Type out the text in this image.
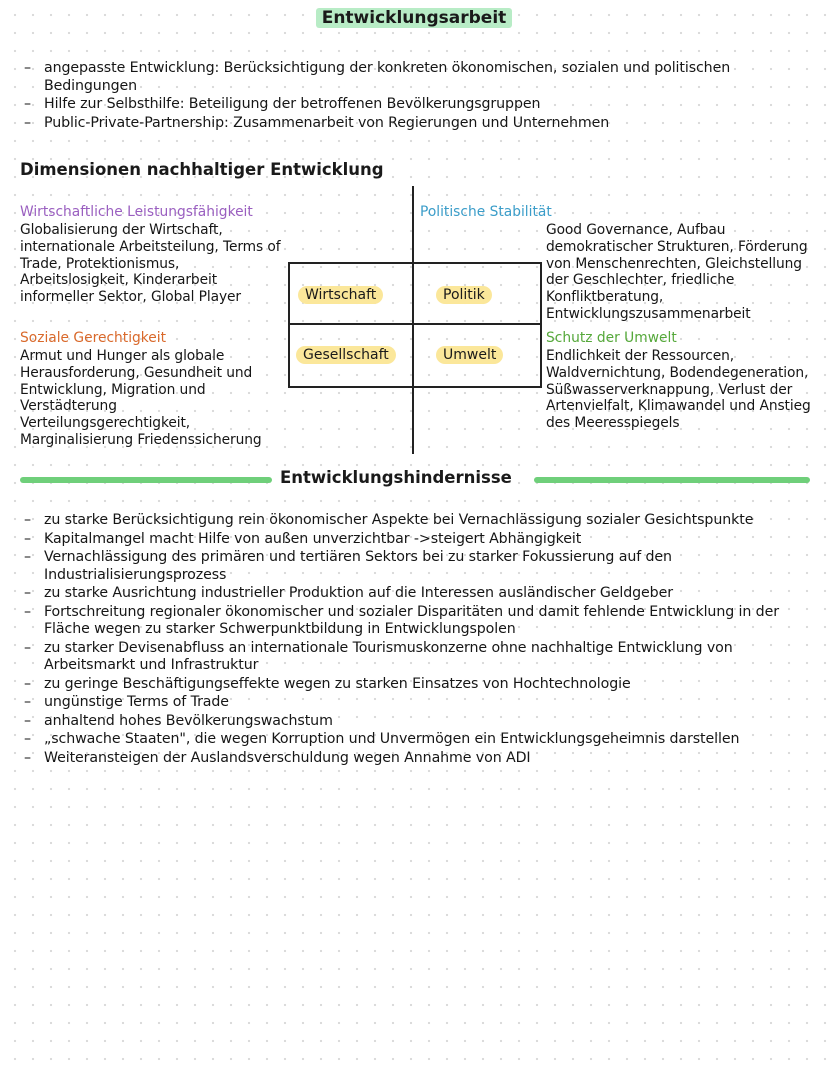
Entwicklungsarbeit
– angepasste Entwicklung: Berücksichtigung der konkreten ökonomischen, sozialen und politischen Bedingungen
– Hilfe zur Selbsthilfe: Beteiligung der betroffenen Bevölkerungsgruppen
– Public-Private-Partnership: Zusammenarbeit von Regierungen und Unternehmen
Dimensionen nachhaltiger Entwicklung
Wirtschaftliche Leistungsfähigkeit
Globalisierung der Wirtschaft, internationale Arbeitsteilung, Terms of Trade, Protektionismus, Arbeitslosigkeit, Kinderarbeit informeller Sektor, Global Player
Politische Stabilität
Good Governance, Aufbau demokratischer Strukturen, Förderung von Menschenrechten, Gleichstellung der Geschlechter, friedliche Konfliktberatung, Entwicklungszusammenarbeit
Soziale Gerechtigkeit
Armut und Hunger als globale Herausforderung, Gesundheit und Entwicklung, Migration und Verstädterung Verteilungsgerechtigkeit, Marginalisierung Friedenssicherung
Schutz der Umwelt
Endlichkeit der Ressourcen, Waldvernichtung, Bodendegeneration, Süßwasserverknappung, Verlust der Artenvielfalt, Klimawandel und Anstieg des Meeresspiegels
Wirtschaft	Politik
Gesellschaft	Umwelt
Entwicklungshindernisse
– zu starke Berücksichtigung rein ökonomischer Aspekte bei Vernachlässigung sozialer Gesichtspunkte
– Kapitalmangel macht Hilfe von außen unverzichtbar ->steigert Abhängigkeit
– Vernachlässigung des primären und tertiären Sektors bei zu starker Fokussierung auf den Industrialisierungsprozess
– zu starke Ausrichtung industrieller Produktion auf die Interessen ausländischer Geldgeber
– Fortschreitung regionaler ökonomischer und sozialer Disparitäten und damit fehlende Entwicklung in der Fläche wegen zu starker Schwerpunktbildung in Entwicklungspolen
– zu starker Devisenabfluss an internationale Tourismuskonzerne ohne nachhaltige Entwicklung von Arbeitsmarkt und Infrastruktur
– zu geringe Beschäftigungseffekte wegen zu starken Einsatzes von Hochtechnologie
– ungünstige Terms of Trade
– anhaltend hohes Bevölkerungswachstum
– „schwache Staaten", die wegen Korruption und Unvermögen ein Entwicklungsgeheimnis darstellen
– Weiteransteigen der Auslandsverschuldung wegen Annahme von ADI
